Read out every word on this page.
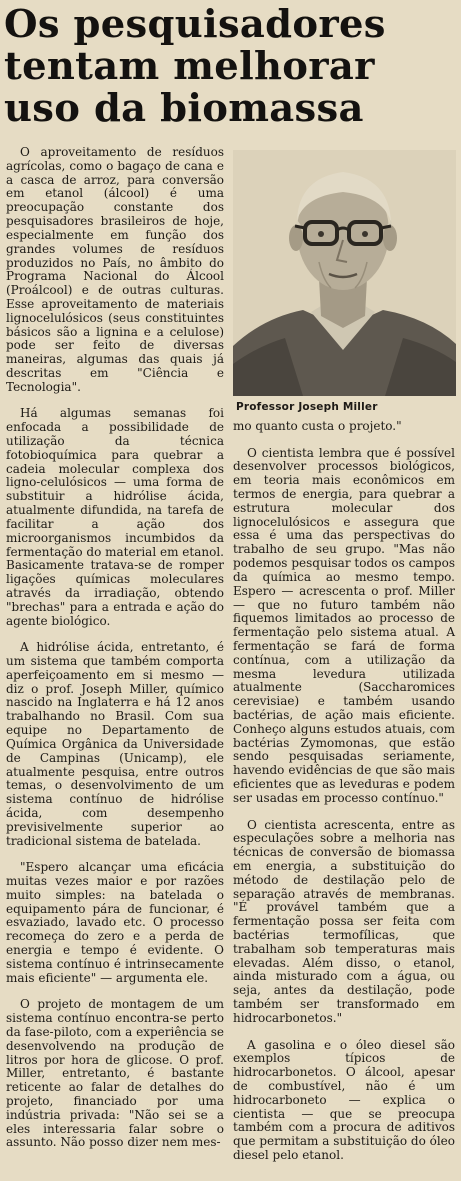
Os pesquisadores
tentam melhorar
uso da biomassa

O aproveitamento de resíduos agrícolas, como o bagaço de cana e a casca de arroz, para conversão em etanol (álcool) é uma preocupação constante dos pesquisadores brasileiros de hoje, especialmente em função dos grandes volumes de resíduos produzidos no País, no âmbito do Programa Nacional do Álcool (Proálcool) e de outras culturas. Esse aproveitamento de materiais lignocelulósicos (seus constituintes básicos são a lignina e a celulose) pode ser feito de diversas maneiras, algumas das quais já descritas em "Ciência e Tecnologia".

Há algumas semanas foi enfocada a possibilidade de utilização da técnica fotobioquímica para quebrar a cadeia molecular complexa dos ligno-celulósicos — uma forma de substituir a hidrólise ácida, atualmente difundida, na tarefa de facilitar a ação dos microorganismos incumbidos da fermentação do material em etanol. Basicamente tratava-se de romper ligações químicas moleculares através da irradiação, obtendo "brechas" para a entrada e ação do agente biológico.

A hidrólise ácida, entretanto, é um sistema que também comporta aperfeiçoamento em si mesmo — diz o prof. Joseph Miller, químico nascido na Inglaterra e há 12 anos trabalhando no Brasil. Com sua equipe no Departamento de Química Orgânica da Universidade de Campinas (Unicamp), ele atualmente pesquisa, entre outros temas, o desenvolvimento de um sistema contínuo de hidrólise ácida, com desempenho previsivelmente superior ao tradicional sistema de batelada.

"Espero alcançar uma eficácia muitas vezes maior e por razões muito simples: na batelada o equipamento pára de funcionar, é esvaziado, lavado etc. O processo recomeça do zero e a perda de energia e tempo é evidente. O sistema contínuo é intrinsecamente mais eficiente" — argumenta ele.

O projeto de montagem de um sistema contínuo encontra-se perto da fase-piloto, com a experiência se desenvolvendo na produção de litros por hora de glicose. O prof. Miller, entretanto, é bastante reticente ao falar de detalhes do projeto, financiado por uma indústria privada: "Não sei se a eles interessaria falar sobre o assunto. Não posso dizer nem mes-

Professor Joseph Miller

mo quanto custa o projeto."

O cientista lembra que é possível desenvolver processos biológicos, em teoria mais econômicos em termos de energia, para quebrar a estrutura molecular dos lignocelulósicos e assegura que essa é uma das perspectivas do trabalho de seu grupo. "Mas não podemos pesquisar todos os campos da química ao mesmo tempo. Espero — acrescenta o prof. Miller — que no futuro também não fiquemos limitados ao processo de fermentação pelo sistema atual. A fermentação se fará de forma contínua, com a utilização da mesma levedura utilizada atualmente (Saccharomices cerevisiae) e também usando bactérias, de ação mais eficiente. Conheço alguns estudos atuais, com bactérias Zymomonas, que estão sendo pesquisadas seriamente, havendo evidências de que são mais eficientes que as leveduras e podem ser usadas em processo contínuo."

O cientista acrescenta, entre as especulações sobre a melhoria nas técnicas de conversão de biomassa em energia, a substituição do método de destilação pelo de separação através de membranas. "É provável também que a fermentação possa ser feita com bactérias termofílicas, que trabalham sob temperaturas mais elevadas. Além disso, o etanol, ainda misturado com a água, ou seja, antes da destilação, pode também ser transformado em hidrocarbonetos."

A gasolina e o óleo diesel são exemplos típicos de hidrocarbonetos. O álcool, apesar de combustível, não é um hidrocarboneto — explica o cientista — que se preocupa também com a procura de aditivos que permitam a substituição do óleo diesel pelo etanol.
